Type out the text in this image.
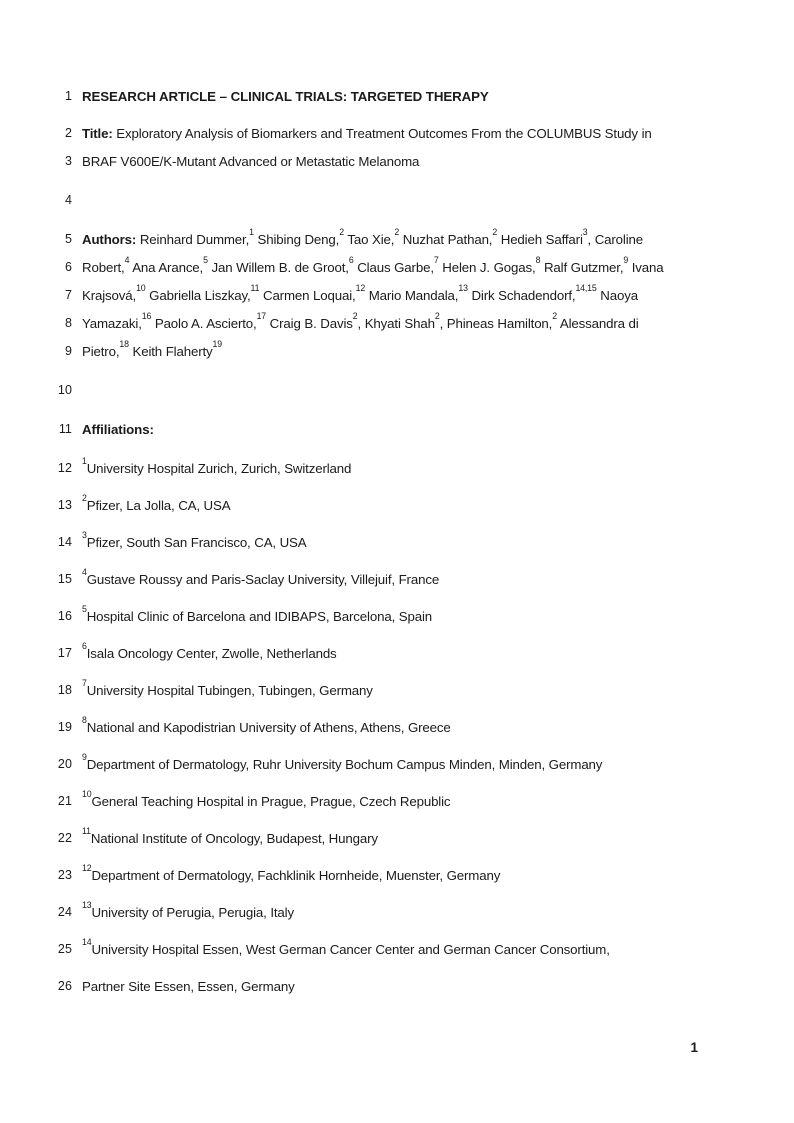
1 RESEARCH ARTICLE – CLINICAL TRIALS: TARGETED THERAPY
2 Title: Exploratory Analysis of Biomarkers and Treatment Outcomes From the COLUMBUS Study in
3 BRAF V600E/K-Mutant Advanced or Metastatic Melanoma
4

5 Authors: Reinhard Dummer,$^1$ Shibing Deng,$^2$ Tao Xie,$^2$ Nuzhat Pathan,$^2$ Hedieh Saffari$^3$, Caroline
6 Robert,$^4$ Ana Arance,$^5$ Jan Willem B. de Groot,$^6$ Claus Garbe,$^7$ Helen J. Gogas,$^8$ Ralf Gutzmer,$^9$ Ivana
7 Krajsová,$^{10}$ Gabriella Liszkay,$^{11}$ Carmen Loquai,$^{12}$ Mario Mandala,$^{13}$ Dirk Schadendorf,$^{14,15}$ Naoya
8 Yamazaki,$^{16}$ Paolo A. Ascierto,$^{17}$ Craig B. Davis$^2$, Khyati Shah$^2$, Phineas Hamilton,$^2$ Alessandra di
9 Pietro,$^{18}$ Keith Flaherty$^{19}$
10

11 Affiliations:
12
$^1$University Hospital Zurich, Zurich, Switzerland
13
$^2$Pfizer, La Jolla, CA, USA
14
$^3$Pfizer, South San Francisco, CA, USA
15
$^4$Gustave Roussy and Paris-Saclay University, Villejuif, France
16
$^5$Hospital Clinic of Barcelona and IDIBAPS, Barcelona, Spain
17
$^6$Isala Oncology Center, Zwolle, Netherlands
18
$^7$University Hospital Tubingen, Tubingen, Germany
19
$^8$National and Kapodistrian University of Athens, Athens, Greece
20
$^9$Department of Dermatology, Ruhr University Bochum Campus Minden, Minden, Germany
21
$^{10}$General Teaching Hospital in Prague, Prague, Czech Republic
22
$^{11}$National Institute of Oncology, Budapest, Hungary
23
$^{12}$Department of Dermatology, Fachklinik Hornheide, Muenster, Germany
24
$^{13}$University of Perugia, Perugia, Italy
25
$^{14}$University Hospital Essen, West German Cancer Center and German Cancer Consortium,
26 Partner Site Essen, Essen, Germany
1
